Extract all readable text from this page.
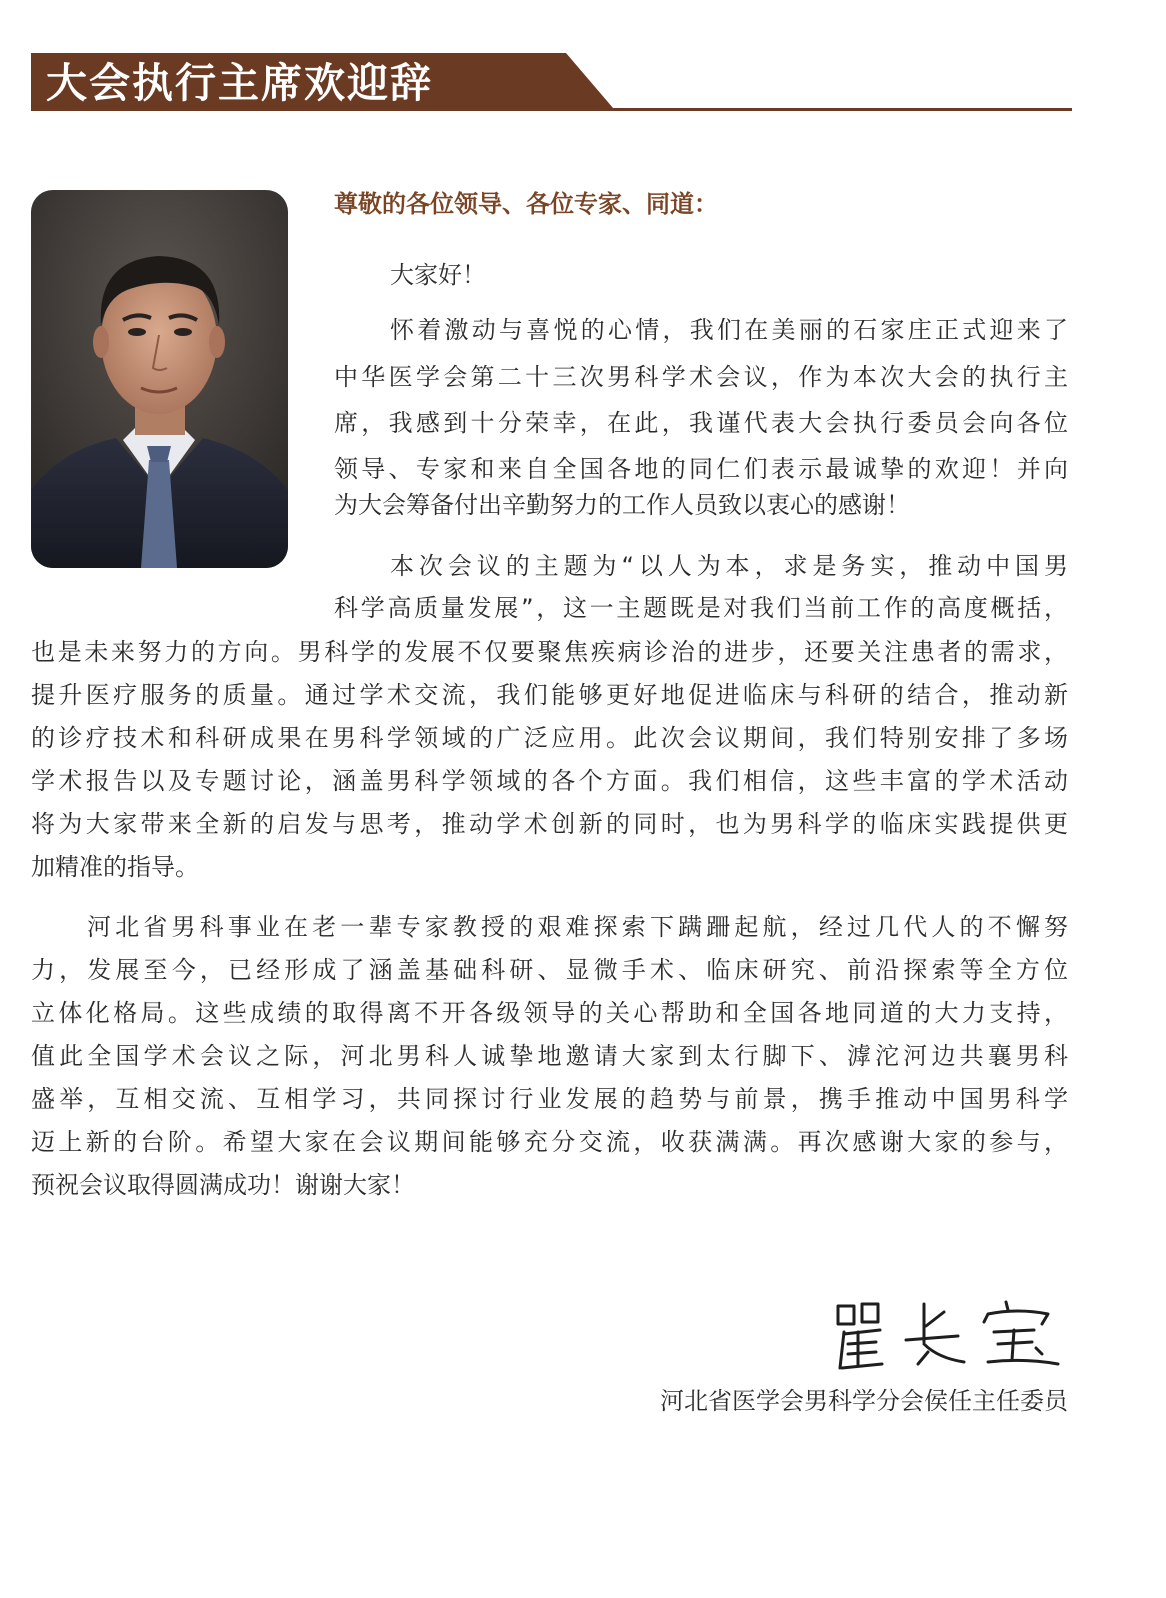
大会执行主席欢迎辞
尊敬的各位领导、各位专家、同道：
大家好！
怀着激动与喜悦的心情，我们在美丽的石家庄正式迎来了
中华医学会第二十三次男科学术会议，作为本次大会的执行主
席，我感到十分荣幸，在此，我谨代表大会执行委员会向各位
领导、专家和来自全国各地的同仁们表示最诚挚的欢迎！并向
为大会筹备付出辛勤努力的工作人员致以衷心的感谢！
本次会议的主题为“以人为本，求是务实，推动中国男
科学高质量发展”，这一主题既是对我们当前工作的高度概括，
也是未来努力的方向。男科学的发展不仅要聚焦疾病诊治的进步，还要关注患者的需求，
提升医疗服务的质量。通过学术交流，我们能够更好地促进临床与科研的结合，推动新
的诊疗技术和科研成果在男科学领域的广泛应用。此次会议期间，我们特别安排了多场
学术报告以及专题讨论，涵盖男科学领域的各个方面。我们相信，这些丰富的学术活动
将为大家带来全新的启发与思考，推动学术创新的同时，也为男科学的临床实践提供更
加精准的指导。
河北省男科事业在老一辈专家教授的艰难探索下蹒跚起航，经过几代人的不懈努
力，发展至今，已经形成了涵盖基础科研、显微手术、临床研究、前沿探索等全方位
立体化格局。这些成绩的取得离不开各级领导的关心帮助和全国各地同道的大力支持，
值此全国学术会议之际，河北男科人诚挚地邀请大家到太行脚下、滹沱河边共襄男科
盛举，互相交流、互相学习，共同探讨行业发展的趋势与前景，携手推动中国男科学
迈上新的台阶。希望大家在会议期间能够充分交流，收获满满。再次感谢大家的参与，
预祝会议取得圆满成功！谢谢大家！
河北省医学会男科学分会侯任主任委员
